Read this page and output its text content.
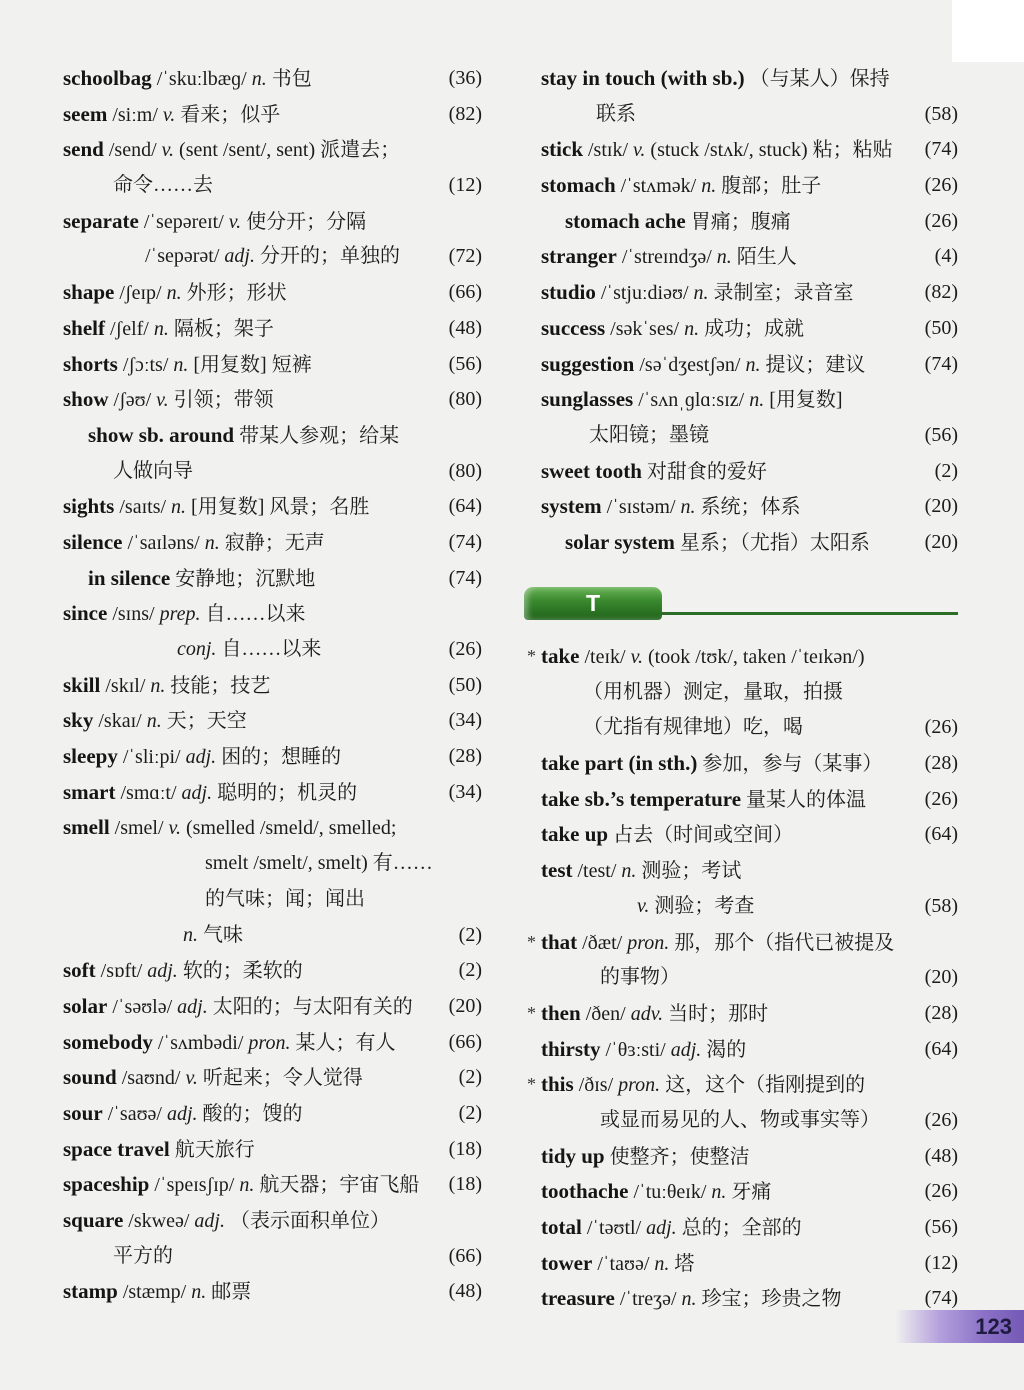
schoolbag /ˈskuːlbæɡ/ n. 书包	(36)
seem /siːm/ v. 看来；似乎	(82)
send /send/ v. (sent /sent/, sent) 派遣去；
命令……去	(12)
separate /ˈsepəreɪt/ v. 使分开；分隔
/ˈsepərət/ adj. 分开的；单独的 (72)
shape /ʃeɪp/ n. 外形；形状	(66)
shelf /ʃelf/ n. 隔板；架子	(48)
shorts /ʃɔːts/ n. [用复数] 短裤	(56)
show /ʃəʊ/ v. 引领；带领	(80)
show sb. around 带某人参观；给某
人做向导	(80)
sights /saɪts/ n. [用复数] 风景；名胜	(64)
silence /ˈsaɪləns/ n. 寂静；无声	(74)
in silence 安静地；沉默地	(74)
since /sɪns/ prep. 自……以来
conj. 自……以来	(26)
skill /skɪl/ n. 技能；技艺	(50)
sky /skaɪ/ n. 天；天空	(34)
sleepy /ˈsliːpi/ adj. 困的；想睡的	(28)
smart /smɑːt/ adj. 聪明的；机灵的	(34)
smell /smel/ v. (smelled /smeld/, smelled;
smelt /smelt/, smelt) 有……
的气味；闻；闻出
n. 气味	(2)
soft /sɒft/ adj. 软的；柔软的	(2)
solar /ˈsəʊlə/ adj. 太阳的；与太阳有关的 (20)
somebody /ˈsʌmbədi/ pron. 某人；有人	(66)
sound /saʊnd/ v. 听起来；令人觉得	(2)
sour /ˈsaʊə/ adj. 酸的；馊的	(2)
space travel 航天旅行	(18)
spaceship /ˈspeɪsʃɪp/ n. 航天器；宇宙飞船 (18)
square /skweə/ adj. （表示面积单位）
平方的	(66)
stamp /stæmp/ n. 邮票	(48)
stay in touch (with sb.) （与某人）保持
联系	(58)
stick /stɪk/ v. (stuck /stʌk/, stuck) 粘；粘贴 (74)
stomach /ˈstʌmək/ n. 腹部；肚子	(26)
stomach ache 胃痛；腹痛	(26)
stranger /ˈstreɪndʒə/ n. 陌生人	(4)
studio /ˈstjuːdiəʊ/ n. 录制室；录音室	(82)
success /səkˈses/ n. 成功；成就	(50)
suggestion /səˈdʒestʃən/ n. 提议；建议	(74)
sunglasses /ˈsʌnˌɡlɑːsɪz/ n. [用复数]
太阳镜；墨镜	(56)
sweet tooth 对甜食的爱好	(2)
system /ˈsɪstəm/ n. 系统；体系	(20)
solar system 星系；（尤指）太阳系	(20)
T
* take /teɪk/ v. (took /tʊk/, taken /ˈteɪkən/)
（用机器）测定，量取，拍摄
（尤指有规律地）吃，喝	(26)
take part (in sth.) 参加，参与（某事） (28)
take sb.’s temperature 量某人的体温	(26)
take up 占去（时间或空间）	(64)
test /test/ n. 测验；考试
v. 测验；考查	(58)
* that /ðæt/ pron. 那，那个（指代已被提及
的事物）	(20)
* then /ðen/ adv. 当时；那时	(28)
thirsty /ˈθɜːsti/ adj. 渴的	(64)
* this /ðɪs/ pron. 这，这个（指刚提到的
或显而易见的人、物或事实等） (26)
tidy up 使整齐；使整洁	(48)
toothache /ˈtuːθeɪk/ n. 牙痛	(26)
total /ˈtəʊtl/ adj. 总的；全部的	(56)
tower /ˈtaʊə/ n. 塔	(12)
treasure /ˈtreʒə/ n. 珍宝；珍贵之物	(74)
123
